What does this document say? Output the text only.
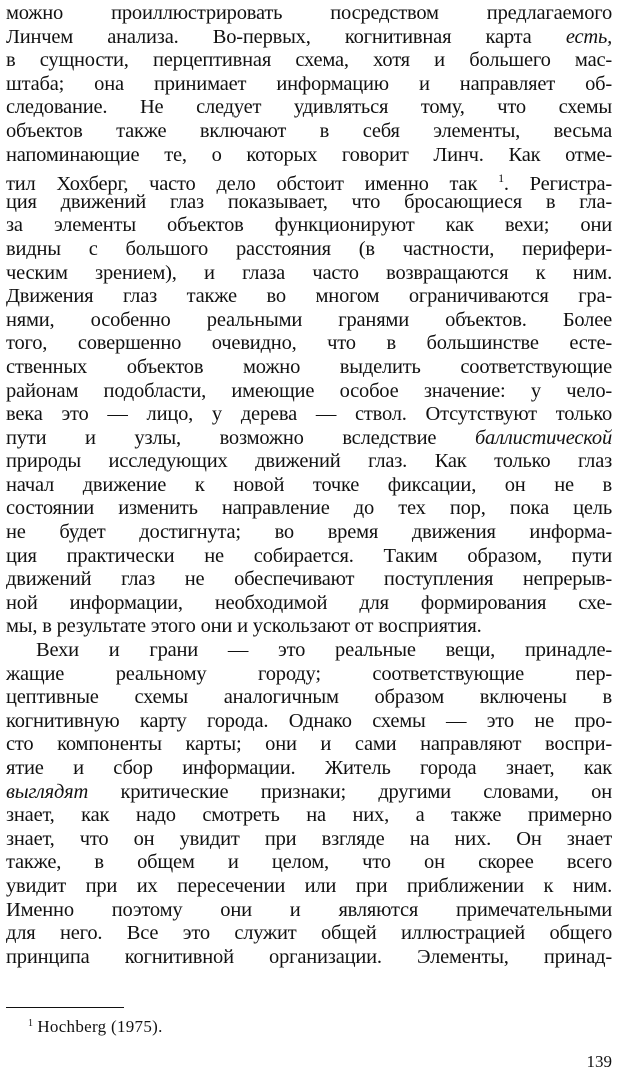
можно проиллюстрировать посредством предлагаемого
Линчем анализа. Во-первых, когнитивная карта есть,
в сущности, перцептивная схема, хотя и большего мас-
штаба; она принимает информацию и направляет об-
следование. Не следует удивляться тому, что схемы
объектов также включают в себя элементы, весьма
напоминающие те, о которых говорит Линч. Как отме-
тил Хохберг, часто дело обстоит именно так $^1$. Регистра-
ция движений глаз показывает, что бросающиеся в гла-
за элементы объектов функционируют как вехи; они
видны с большого расстояния (в частности, перифери-
ческим зрением), и глаза часто возвращаются к ним.
Движения глаз также во многом ограничиваются гра-
нями, особенно реальными гранями объектов. Более
того, совершенно очевидно, что в большинстве есте-
ственных объектов можно выделить соответствующие
районам подобласти, имеющие особое значение: у чело-
века это — лицо, у дерева — ствол. Отсутствуют только
пути и узлы, возможно вследствие баллистической
природы исследующих движений глаз. Как только глаз
начал движение к новой точке фиксации, он не в
состоянии изменить направление до тех пор, пока цель
не будет достигнута; во время движения информа-
ция практически не собирается. Таким образом, пути
движений глаз не обеспечивают поступления непрерыв-
ной информации, необходимой для формирования схе-
мы, в результате этого они и ускользают от восприятия.
Вехи и грани — это реальные вещи, принадле-
жащие реальному городу; соответствующие пер-
цептивные схемы аналогичным образом включены в
когнитивную карту города. Однако схемы — это не про-
сто компоненты карты; они и сами направляют воспри-
ятие и сбор информации. Житель города знает, как
выглядят критические признаки; другими словами, он
знает, как надо смотреть на них, а также примерно
знает, что он увидит при взгляде на них. Он знает
также, в общем и целом, что он скорее всего
увидит при их пересечении или при приближении к ним.
Именно поэтому они и являются примечательными
для него. Все это служит общей иллюстрацией общего
принципа когнитивной организации. Элементы, принад-
$^1$ Hochberg (1975).
139
